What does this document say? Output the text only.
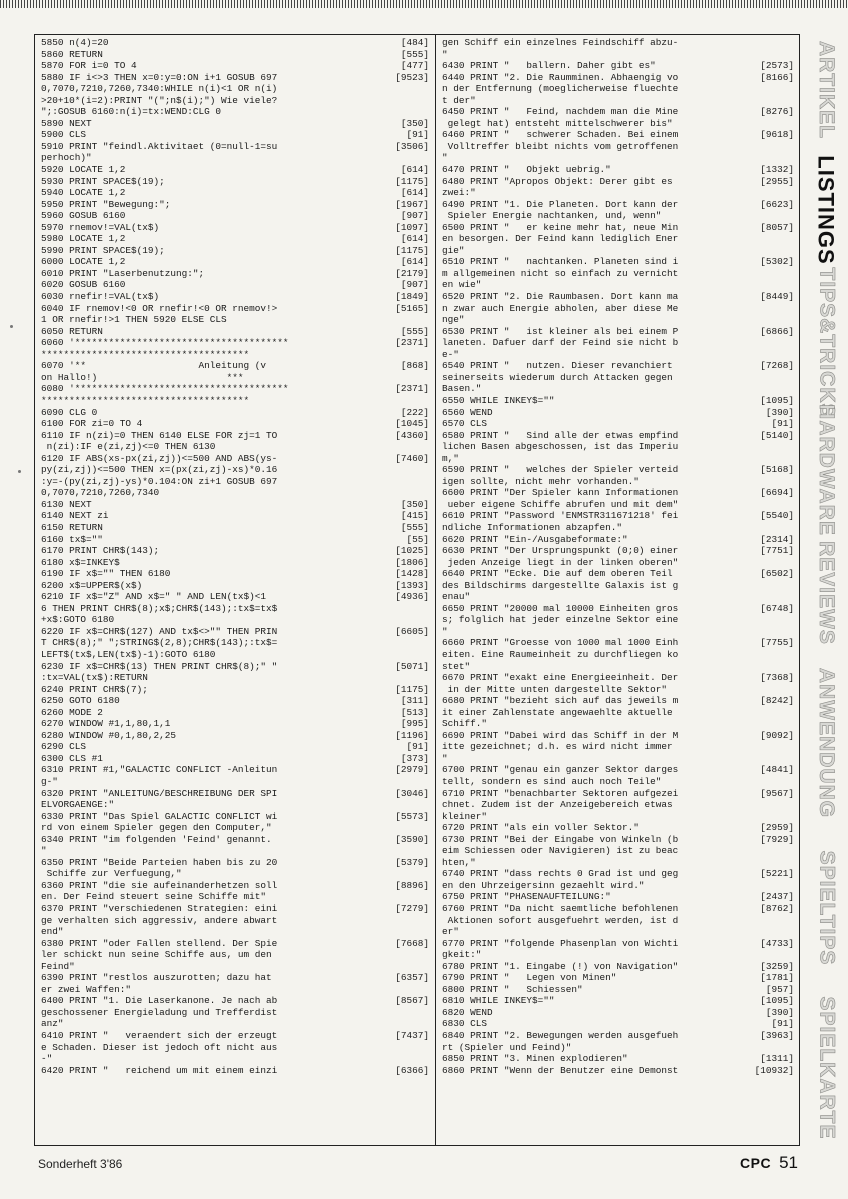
5850 n(4)=20	[484]
5860 RETURN	[555]
5870 FOR i=0 TO 4	[477]
5880 IF i<>3 THEN x=0:y=0:ON i+1 GOSUB 697	[9523]
0,7070,7210,7260,7340:WHILE n(i)<1 OR n(i)
>20+10*(i=2):PRINT "(";n$(i);") Wie viele?
";:GOSUB 6160:n(i)=tx:WEND:CLG 0
5890 NEXT	[350]
5900 CLS	[91]
5910 PRINT "feindl.Aktivitaet (0=null-1=su	[3506]
perhoch)"
5920 LOCATE 1,2	[614]
5930 PRINT SPACE$(19);	[1175]
5940 LOCATE 1,2	[614]
5950 PRINT "Bewegung:";	[1967]
5960 GOSUB 6160	[907]
5970 rnemov!=VAL(tx$)	[1097]
5980 LOCATE 1,2	[614]
5990 PRINT SPACE$(19);	[1175]
6000 LOCATE 1,2	[614]
6010 PRINT "Laserbenutzung:";	[2179]
6020 GOSUB 6160	[907]
6030 rnefir!=VAL(tx$)	[1849]
6040 IF rnemov!<0 OR rnefir!<0 OR rnemov!>	[5165]
1 OR rnefir!>1 THEN 5920 ELSE CLS
6050 RETURN	[555]
6060 '**************************************	[2371]
*************************************
6070 '**                    Anleitung (v	[868]
on Hallo!)                       ***
6080 '**************************************	[2371]
*************************************
6090 CLG 0	[222]
6100 FOR zi=0 TO 4	[1045]
6110 IF n(zi)=0 THEN 6140 ELSE FOR zj=1 TO	[4360]
n(zi):IF e(zi,zj)<=0 THEN 6130
6120 IF ABS(xs-px(zi,zj))<=500 AND ABS(ys-	[7460]
py(zi,zj))<=500 THEN x=(px(zi,zj)-xs)*0.16
:y=-(py(zi,zj)-ys)*0.104:ON zi+1 GOSUB 697
0,7070,7210,7260,7340
6130 NEXT	[350]
6140 NEXT zi	[415]
6150 RETURN	[555]
6160 tx$=""	[55]
6170 PRINT CHR$(143);	[1025]
6180 x$=INKEY$	[1806]
6190 IF x$="" THEN 6180	[1428]
6200 x$=UPPER$(x$)	[1393]
6210 IF x$="Z" AND x$=" " AND LEN(tx$)<1	[4936]
6 THEN PRINT CHR$(8);x$;CHR$(143);:tx$=tx$
+x$:GOTO 6180
6220 IF x$=CHR$(127) AND tx$<>"" THEN PRIN	[6605]
T CHR$(8);" ";STRING$(2,8);CHR$(143);:tx$=
LEFT$(tx$,LEN(tx$)-1):GOTO 6180
6230 IF x$=CHR$(13) THEN PRINT CHR$(8);" "	[5071]
:tx=VAL(tx$):RETURN
6240 PRINT CHR$(7);	[1175]
6250 GOTO 6180	[311]
6260 MODE 2	[513]
6270 WINDOW #1,1,80,1,1	[995]
6280 WINDOW #0,1,80,2,25	[1196]
6290 CLS	[91]
6300 CLS #1	[373]
6310 PRINT #1,"GALACTIC CONFLICT -Anleitun	[2979]
g-"
6320 PRINT "ANLEITUNG/BESCHREIBUNG DER SPI	[3046]
ELVORGAENGE:"
6330 PRINT "Das Spiel GALACTIC CONFLICT wi	[5573]
rd von einem Spieler gegen den Computer,"
6340 PRINT "im folgenden 'Feind' genannt.	[3590]
"
6350 PRINT "Beide Parteien haben bis zu 20	[5379]
Schiffe zur Verfuegung,"
6360 PRINT "die sie aufeinanderhetzen soll	[8896]
en. Der Feind steuert seine Schiffe mit"
6370 PRINT "verschiedenen Strategien: eini	[7279]
ge verhalten sich aggressiv, andere abwart
end"
6380 PRINT "oder Fallen stellend. Der Spie	[7668]
ler schickt nun seine Schiffe aus, um den
Feind"
6390 PRINT "restlos auszurotten; dazu hat	[6357]
er zwei Waffen:"
6400 PRINT "1. Die Laserkanone. Je nach ab	[8567]
geschossener Energieladung und Trefferdist
anz"
6410 PRINT "   veraendert sich der erzeugt	[7437]
e Schaden. Dieser ist jedoch oft nicht aus
-"
6420 PRINT "   reichend um mit einem einzi	[6366]
gen Schiff ein einzelnes Feindschiff abzu-
"
6430 PRINT "   ballern. Daher gibt es"	[2573]
6440 PRINT "2. Die Raumminen. Abhaengig vo	[8166]
n der Entfernung (moeglicherweise fluechte
t der"
6450 PRINT "   Feind, nachdem man die Mine	[8276]
gelegt hat) entsteht mittelschwerer bis"
6460 PRINT "   schwerer Schaden. Bei einem	[9618]
Volltreffer bleibt nichts vom getroffenen
"
6470 PRINT "   Objekt uebrig."	[1332]
6480 PRINT "Apropos Objekt: Derer gibt es	[2955]
zwei:"
6490 PRINT "1. Die Planeten. Dort kann der	[6623]
Spieler Energie nachtanken, und, wenn"
6500 PRINT "   er keine mehr hat, neue Min	[8057]
en besorgen. Der Feind kann lediglich Ener
gie"
6510 PRINT "   nachtanken. Planeten sind i	[5302]
m allgemeinen nicht so einfach zu vernicht
en wie"
6520 PRINT "2. Die Raumbasen. Dort kann ma	[8449]
n zwar auch Energie abholen, aber diese Me
nge"
6530 PRINT "   ist kleiner als bei einem P	[6866]
laneten. Dafuer darf der Feind sie nicht b
e-"
6540 PRINT "   nutzen. Dieser revanchiert	[7268]
seinerseits wiederum durch Attacken gegen
Basen."
6550 WHILE INKEY$=""	[1095]
6560 WEND	[390]
6570 CLS	[91]
6580 PRINT "   Sind alle der etwas empfind	[5140]
lichen Basen abgeschossen, ist das Imperiu
m,"
6590 PRINT "   welches der Spieler verteid	[5168]
igen sollte, nicht mehr vorhanden."
6600 PRINT "Der Spieler kann Informationen	[6694]
ueber eigene Schiffe abrufen und mit dem"
6610 PRINT "Password 'ENMSTR311671218' fei	[5540]
ndliche Informationen abzapfen."
6620 PRINT "Ein-/Ausgabeformate:"	[2314]
6630 PRINT "Der Ursprungspunkt (0;0) einer	[7751]
jeden Anzeige liegt in der linken oberen"
6640 PRINT "Ecke. Die auf dem oberen Teil	[6502]
des Bildschirms dargestellte Galaxis ist g
enau"
6650 PRINT "20000 mal 10000 Einheiten gros	[6748]
s; folglich hat jeder einzelne Sektor eine
"
6660 PRINT "Groesse von 1000 mal 1000 Einh	[7755]
eiten. Eine Raumeinheit zu durchfliegen ko
stet"
6670 PRINT "exakt eine Energieeinheit. Der	[7368]
in der Mitte unten dargestellte Sektor"
6680 PRINT "bezieht sich auf das jeweils m	[8242]
it einer Zahlenstate angewaehlte aktuelle
Schiff."
6690 PRINT "Dabei wird das Schiff in der M	[9092]
itte gezeichnet; d.h. es wird nicht immer
"
6700 PRINT "genau ein ganzer Sektor darges	[4841]
tellt, sondern es sind auch noch Teile"
6710 PRINT "benachbarter Sektoren aufgezei	[9567]
chnet. Zudem ist der Anzeigebereich etwas
kleiner"
6720 PRINT "als ein voller Sektor."	[2959]
6730 PRINT "Bei der Eingabe von Winkeln (b	[7929]
eim Schiessen oder Navigieren) ist zu beac
hten,"
6740 PRINT "dass rechts 0 Grad ist und geg	[5221]
en den Uhrzeigersinn gezaehlt wird."
6750 PRINT "PHASENAUFTEILUNG:"	[2437]
6760 PRINT "Da nicht saemtliche befohlenen	[8762]
Aktionen sofort ausgefuehrt werden, ist d
er"
6770 PRINT "folgende Phasenplan von Wichti	[4733]
gkeit:"
6780 PRINT "1. Eingabe (!) von Navigation"	[3259]
6790 PRINT "   Legen von Minen"	[1781]
6800 PRINT "   Schiessen"	[957]
6810 WHILE INKEY$=""	[1095]
6820 WEND	[390]
6830 CLS	[91]
6840 PRINT "2. Bewegungen werden ausgefueh	[3963]
rt (Spieler und Feind)"
6850 PRINT "3. Minen explodieren"	[1311]
6860 PRINT "Wenn der Benutzer eine Demonst	[10932]
ARTIKEL
LISTINGS
TIPS&TRICKS
HARDWARE
REVIEWS
ANWENDUNG
SPIELTIPS
SPIELKARTE
Sonderheft 3'86	CPC 51
